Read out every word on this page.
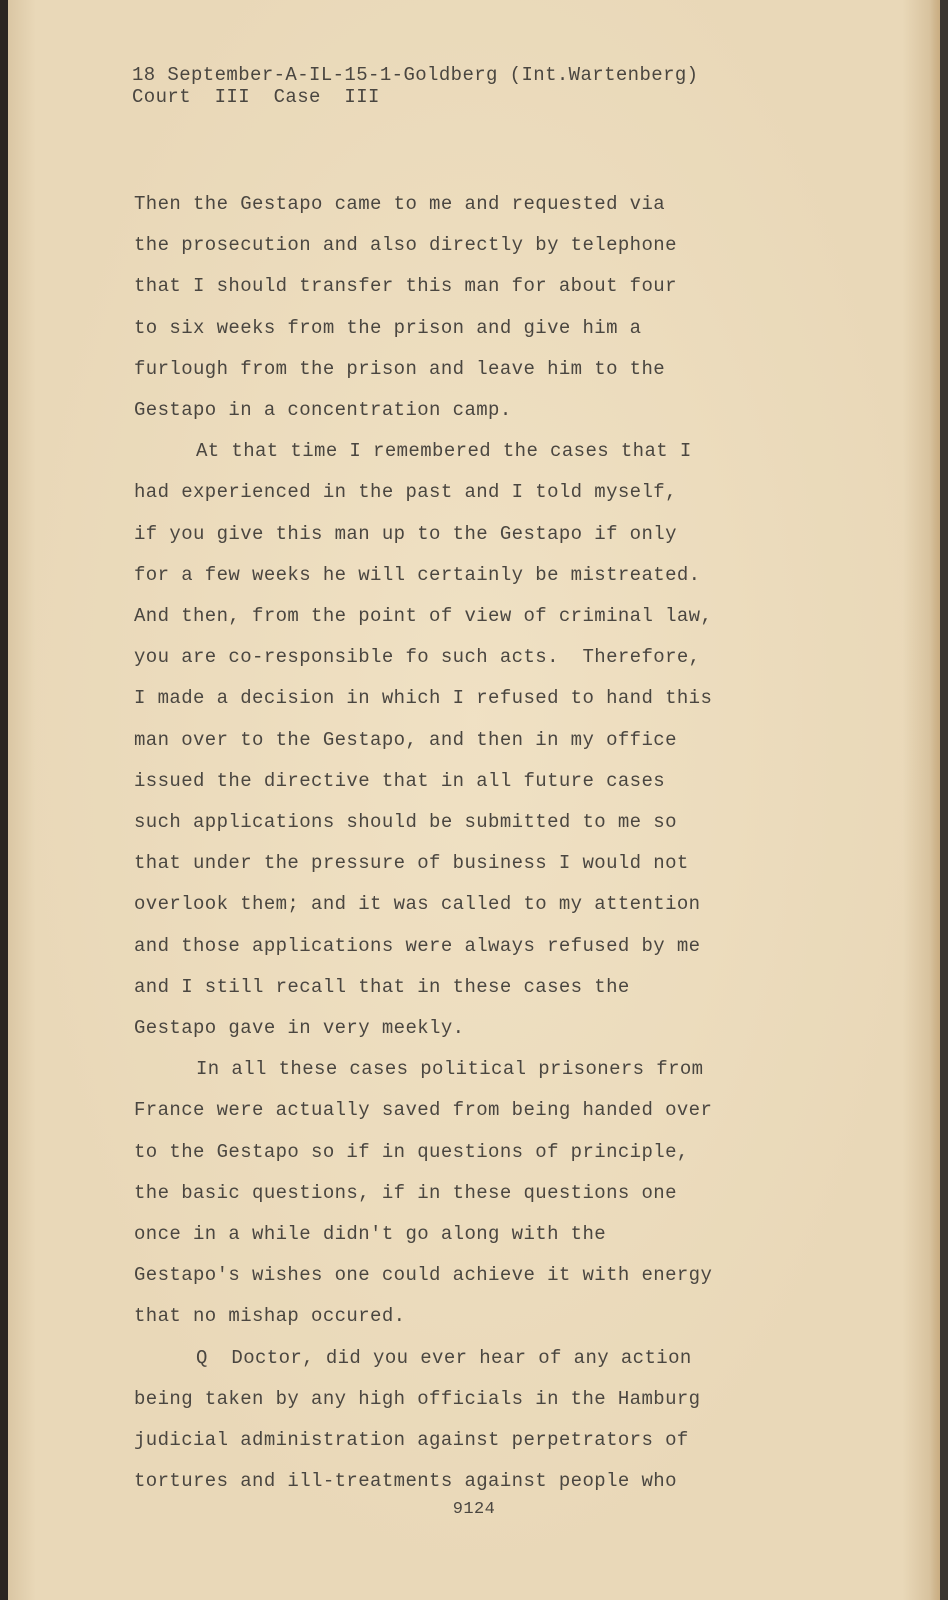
18 September-A-IL-15-1-Goldberg (Int.Wartenberg)
Court  III  Case  III
Then the Gestapo came to me and requested via
the prosecution and also directly by telephone
that I should transfer this man for about four
to six weeks from the prison and give him a
furlough from the prison and leave him to the
Gestapo in a concentration camp.
At that time I remembered the cases that I
had experienced in the past and I told myself,
if you give this man up to the Gestapo if only
for a few weeks he will certainly be mistreated.
And then, from the point of view of criminal law,
you are co-responsible fo such acts.  Therefore,
I made a decision in which I refused to hand this
man over to the Gestapo, and then in my office
issued the directive that in all future cases
such applications should be submitted to me so
that under the pressure of business I would not
overlook them; and it was called to my attention
and those applications were always refused by me
and I still recall that in these cases the
Gestapo gave in very meekly.
In all these cases political prisoners from
France were actually saved from being handed over
to the Gestapo so if in questions of principle,
the basic questions, if in these questions one
once in a while didn't go along with the
Gestapo's wishes one could achieve it with energy
that no mishap occured.
Q  Doctor, did you ever hear of any action
being taken by any high officials in the Hamburg
judicial administration against perpetrators of
tortures and ill-treatments against people who
9124
